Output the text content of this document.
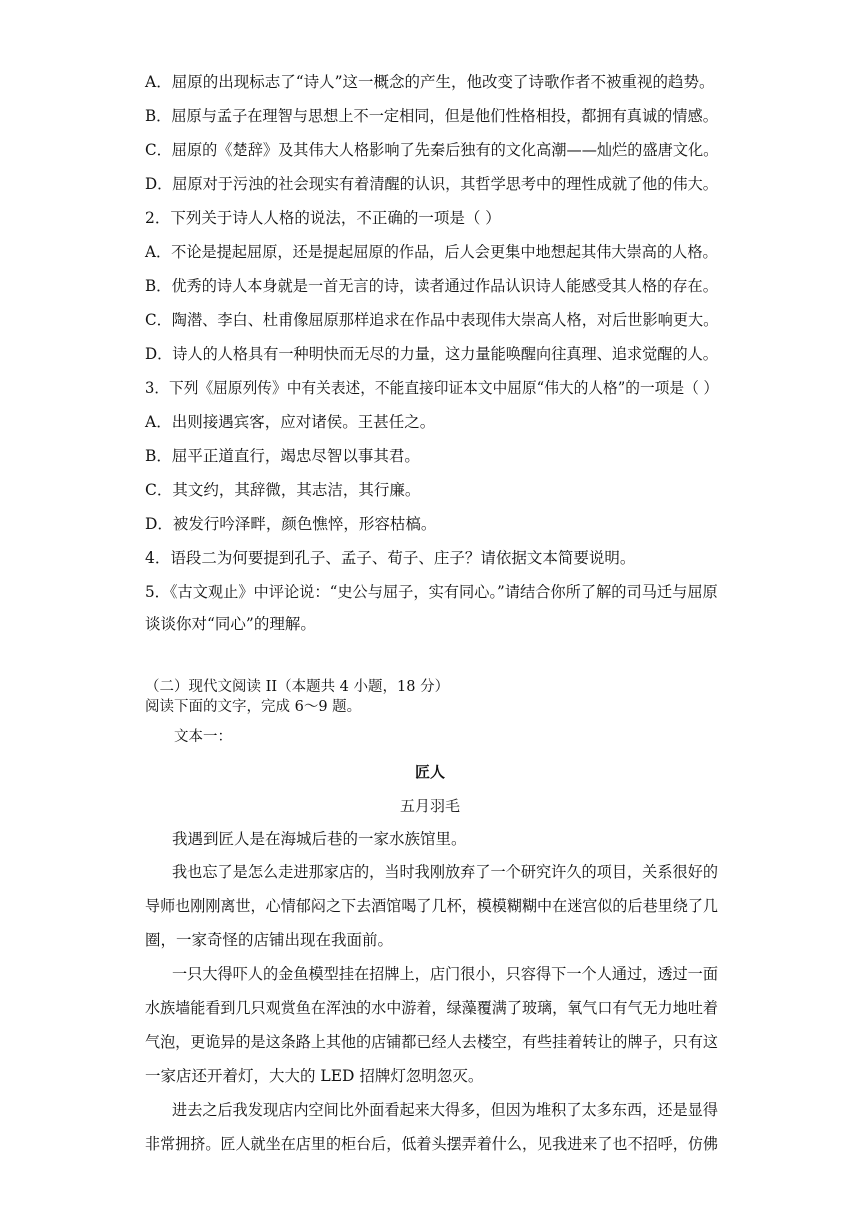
A．屈原的出现标志了“诗人”这一概念的产生，他改变了诗歌作者不被重视的趋势。
B．屈原与孟子在理智与思想上不一定相同，但是他们性格相投，都拥有真诚的情感。
C．屈原的《楚辞》及其伟大人格影响了先秦后独有的文化高潮——灿烂的盛唐文化。
D．屈原对于污浊的社会现实有着清醒的认识，其哲学思考中的理性成就了他的伟大。
2．下列关于诗人人格的说法，不正确的一项是（ ）
A．不论是提起屈原，还是提起屈原的作品，后人会更集中地想起其伟大崇高的人格。
B．优秀的诗人本身就是一首无言的诗，读者通过作品认识诗人能感受其人格的存在。
C．陶潜、李白、杜甫像屈原那样追求在作品中表现伟大崇高人格，对后世影响更大。
D．诗人的人格具有一种明快而无尽的力量，这力量能唤醒向往真理、追求觉醒的人。
3．下列《屈原列传》中有关表述，不能直接印证本文中屈原“伟大的人格”的一项是（ ）
A．出则接遇宾客，应对诸侯。王甚任之。
B．屈平正道直行，竭忠尽智以事其君。
C．其文约，其辞微，其志洁，其行廉。
D．被发行吟泽畔，颜色憔悴，形容枯槁。
4．语段二为何要提到孔子、孟子、荀子、庄子？请依据文本简要说明。
5．《古文观止》中评论说：“史公与屈子，实有同心。”请结合你所了解的司马迁与屈原
谈谈你对“同心”的理解。
（二）现代文阅读 II（本题共 4 小题，18 分）
阅读下面的文字，完成 6～9 题。
文本一：
匠人
五月羽毛
我遇到匠人是在海城后巷的一家水族馆里。
我也忘了是怎么走进那家店的，当时我刚放弃了一个研究许久的项目，关系很好的
导师也刚刚离世，心情郁闷之下去酒馆喝了几杯，模模糊糊中在迷宫似的后巷里绕了几
圈，一家奇怪的店铺出现在我面前。
一只大得吓人的金鱼模型挂在招牌上，店门很小，只容得下一个人通过，透过一面
水族墙能看到几只观赏鱼在浑浊的水中游着，绿藻覆满了玻璃，氧气口有气无力地吐着
气泡，更诡异的是这条路上其他的店铺都已经人去楼空，有些挂着转让的牌子，只有这
一家店还开着灯，大大的 LED 招牌灯忽明忽灭。
进去之后我发现店内空间比外面看起来大得多，但因为堆积了太多东西，还是显得
非常拥挤。匠人就坐在店里的柜台后，低着头摆弄着什么，见我进来了也不招呼，仿佛
